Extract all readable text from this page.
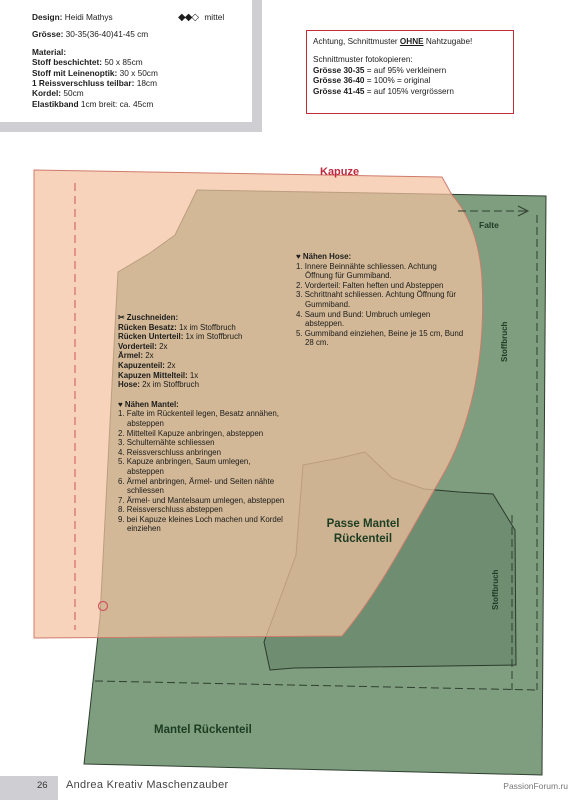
Design: Heidi Mathys
Grösse: 30-35(36-40)41-45 cm
Material:
Stoff beschichtet: 50 x 85cm
Stoff mit Leinenoptik: 30 x 50cm
1 Reissverschluss teilbar: 18cm
Kordel: 50cm
Elastikband 1cm breit: ca. 45cm
◆◆◇ mittel
Achtung, Schnittmuster OHNE Nahtzugabe!
Schnittmuster fotokopieren:
Grösse 30-35 = auf 95% verkleinern
Grösse 36-40 = 100% = original
Grösse 41-45 = auf 105% vergrössern
Kapuze
Falte
Stoffbruch
Stoffbruch
Passe Mantel Rückenteil
Mantel Rückenteil
♥ Nähen Hose:
1. Innere Beinnähte schliessen. Achtung Öffnung für Gummiband.
2. Vorderteil: Falten heften und Absteppen
3. Schrittnaht schliessen. Achtung Öffnung für Gummiband.
4. Saum und Bund: Umbruch umlegen absteppen.
5. Gummiband einziehen, Beine je 15 cm, Bund 28 cm.
✂ Zuschneiden:
Rücken Besatz: 1x im Stoffbruch
Rücken Unterteil: 1x im Stoffbruch
Vorderteil: 2x
Ärmel: 2x
Kapuzenteil: 2x
Kapuzen Mittelteil: 1x
Hose: 2x im Stoffbruch
♥ Nähen Mantel:
1. Falte im Rückenteil legen, Besatz annähen, absteppen
2. Mittelteil Kapuze anbringen, absteppen
3. Schulternähte schliessen
4. Reissverschluss anbringen
5. Kapuze anbringen, Saum umlegen, absteppen
6. Ärmel anbringen, Ärmel- und Seiten nähte schliessen
7. Ärmel- und Mantelsaum umlegen, absteppen
8. Reissverschluss absteppen
9. bei Kapuze kleines Loch machen und Kordel einziehen
26 Andrea Kreativ Maschenzauber	PassionForum.ru
